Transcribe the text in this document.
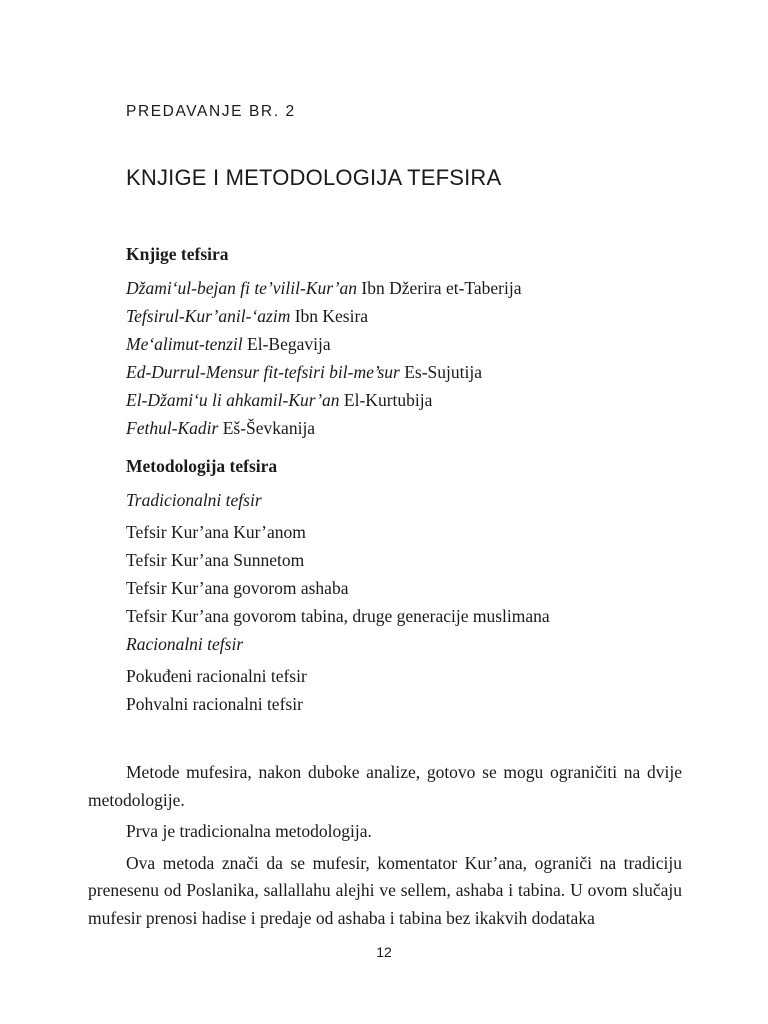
PREDAVANJE BR. 2
KNJIGE I METODOLOGIJA TEFSIRA

Knjige tefsira

Džami‘ul-bejan fi te’vilil-Kur’an Ibn Džerira et-Taberija
Tefsirul-Kur’anil-‘azim Ibn Kesira
Me‘alimut-tenzil El-Begavija
Ed-Durrul-Mensur fit-tefsiri bil-me’sur Es-Sujutija
El-Džami‘u li ahkamil-Kur’an El-Kurtubija
Fethul-Kadir Eš-Ševkanija

Metodologija tefsira

Tradicionalni tefsir
Tefsir Kur’ana Kur’anom
Tefsir Kur’ana Sunnetom
Tefsir Kur’ana govorom ashaba
Tefsir Kur’ana govorom tabina, druge generacije muslimana
Racionalni tefsir
Pokuđeni racionalni tefsir
Pohvalni racionalni tefsir

Metode mufesira, nakon duboke analize, gotovo se mogu ograničiti na dvije metodologije.

Prva je tradicionalna metodologija.

Ova metoda znači da se mufesir, komentator Kur’ana, ograniči na tradiciju prenesenu od Poslanika, sallallahu alejhi ve sellem, ashaba i tabina. U ovom slučaju mufesir prenosi hadise i predaje od ashaba i tabina bez ikakvih dodataka

12
